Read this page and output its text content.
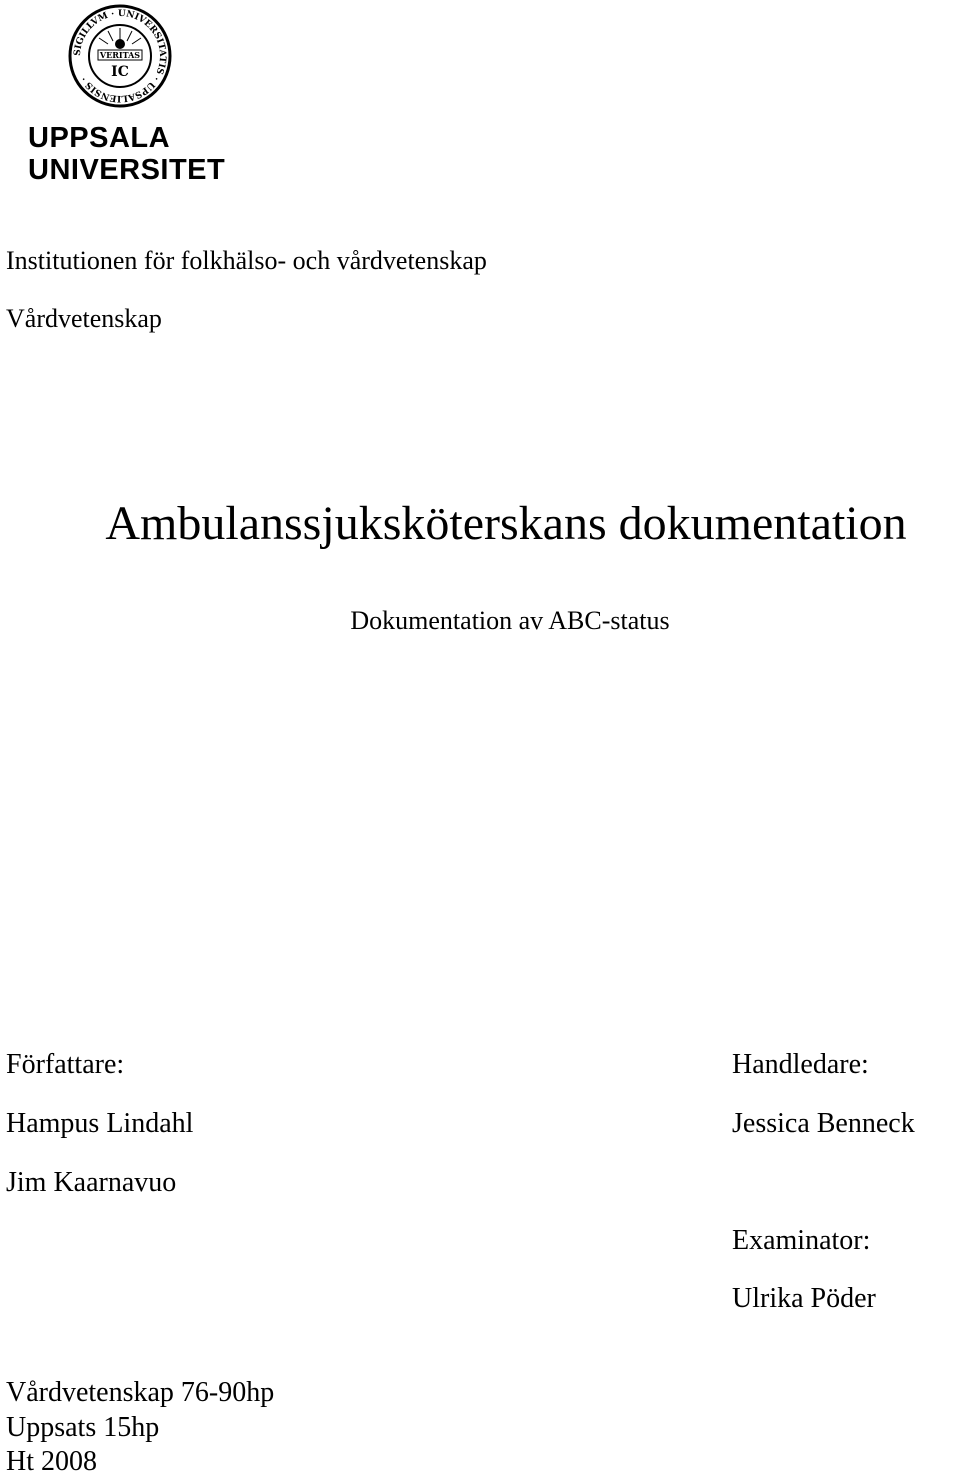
SIGILLVM · UNIVERSITATIS · UPSALIENSIS ·
VERITAS
IC
UPPSALA
UNIVERSITET
Institutionen för folkhälso- och vårdvetenskap
Vårdvetenskap
Ambulanssjuksköterskans dokumentation
Dokumentation av ABC-status
Författare:
Hampus Lindahl
Jim Kaarnavuo
Handledare:
Jessica Benneck
Examinator:
Ulrika Pöder
Vårdvetenskap 76-90hp
Uppsats 15hp
Ht 2008
